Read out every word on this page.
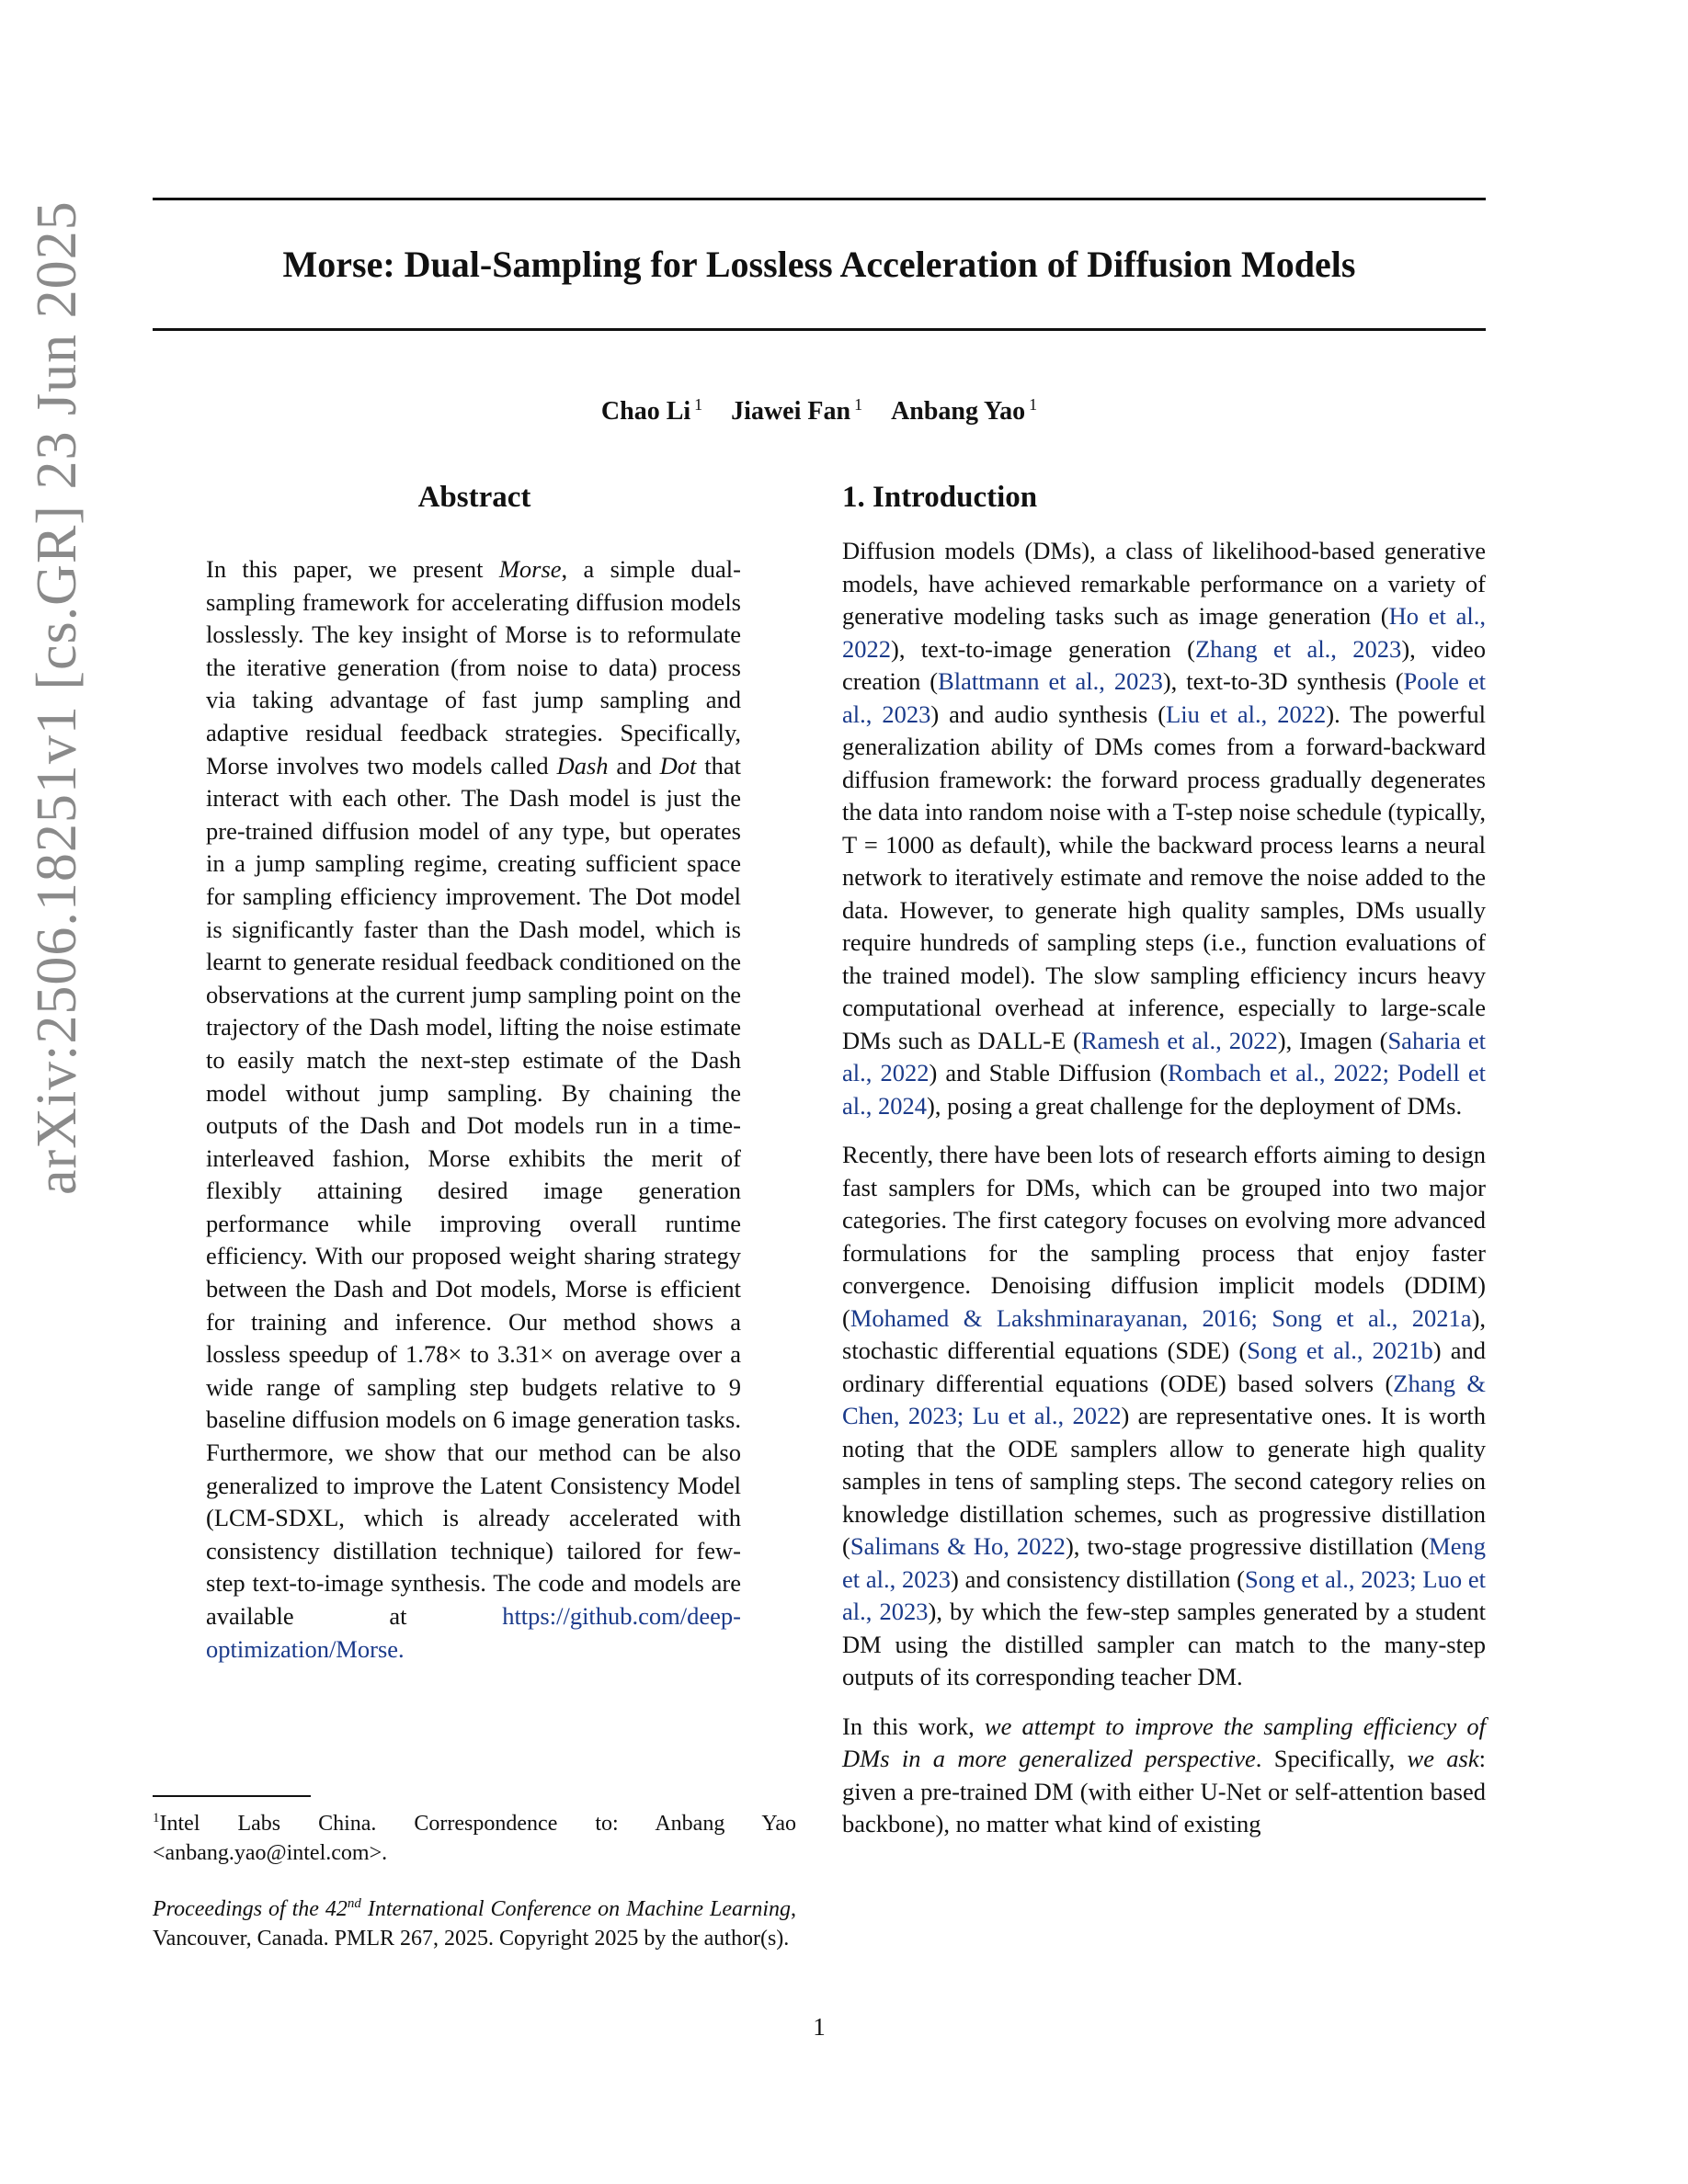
Morse: Dual-Sampling for Lossless Acceleration of Diffusion Models
Chao Li $^1$ Jiawei Fan $^1$ Anbang Yao $^1$
arXiv:2506.18251v1 [cs.GR] 23 Jun 2025	Abstract
In this paper, we present Morse, a simple dual-sampling framework for accelerating diffusion models losslessly. The key insight of Morse is to reformulate the iterative generation (from noise to data) process via taking advantage of fast jump sampling and adaptive residual feedback strategies. Specifically, Morse involves two models called Dash and Dot that interact with each other. The Dash model is just the pre-trained diffusion model of any type, but operates in a jump sampling regime, creating sufficient space for sampling efficiency improvement. The Dot model is significantly faster than the Dash model, which is learnt to generate residual feedback conditioned on the observations at the current jump sampling point on the trajectory of the Dash model, lifting the noise estimate to easily match the next-step estimate of the Dash model without jump sampling. By chaining the outputs of the Dash and Dot models run in a time-interleaved fashion, Morse exhibits the merit of flexibly attaining desired image generation performance while improving overall runtime efficiency. With our proposed weight sharing strategy between the Dash and Dot models, Morse is efficient for training and inference. Our method shows a lossless speedup of 1.78× to 3.31× on average over a wide range of sampling step budgets relative to 9 baseline diffusion models on 6 image generation tasks. Furthermore, we show that our method can be also generalized to improve the Latent Consistency Model (LCM-SDXL, which is already accelerated with consistency distillation technique) tailored for few-step text-to-image synthesis. The code and models are available at https://github.com/deep-optimization/Morse.
$^1$Intel Labs China. Correspondence to: Anbang Yao <anbang.yao@intel.com>.
Proceedings of the 42nd International Conference on Machine Learning, Vancouver, Canada. PMLR 267, 2025. Copyright 2025 by the author(s).
1. Introduction

Diffusion models (DMs), a class of likelihood-based generative models, have achieved remarkable performance on a variety of generative modeling tasks such as image generation (Ho et al., 2022), text-to-image generation (Zhang et al., 2023), video creation (Blattmann et al., 2023), text-to-3D synthesis (Poole et al., 2023) and audio synthesis (Liu et al., 2022). The powerful generalization ability of DMs comes from a forward-backward diffusion framework: the forward process gradually degenerates the data into random noise with a T-step noise schedule (typically, T = 1000 as default), while the backward process learns a neural network to iteratively estimate and remove the noise added to the data. However, to generate high quality samples, DMs usually require hundreds of sampling steps (i.e., function evaluations of the trained model). The slow sampling efficiency incurs heavy computational overhead at inference, especially to large-scale DMs such as DALL-E (Ramesh et al., 2022), Imagen (Saharia et al., 2022) and Stable Diffusion (Rombach et al., 2022; Podell et al., 2024), posing a great challenge for the deployment of DMs.

Recently, there have been lots of research efforts aiming to design fast samplers for DMs, which can be grouped into two major categories. The first category focuses on evolving more advanced formulations for the sampling process that enjoy faster convergence. Denoising diffusion implicit models (DDIM) (Mohamed & Lakshminarayanan, 2016; Song et al., 2021a), stochastic differential equations (SDE) (Song et al., 2021b) and ordinary differential equations (ODE) based solvers (Zhang & Chen, 2023; Lu et al., 2022) are representative ones. It is worth noting that the ODE samplers allow to generate high quality samples in tens of sampling steps. The second category relies on knowledge distillation schemes, such as progressive distillation (Salimans & Ho, 2022), two-stage progressive distillation (Meng et al., 2023) and consistency distillation (Song et al., 2023; Luo et al., 2023), by which the few-step samples generated by a student DM using the distilled sampler can match to the many-step outputs of its corresponding teacher DM.

In this work, we attempt to improve the sampling efficiency of DMs in a more generalized perspective. Specifically, we ask: given a pre-trained DM (with either U-Net or self-attention based backbone), no matter what kind of existing

1
